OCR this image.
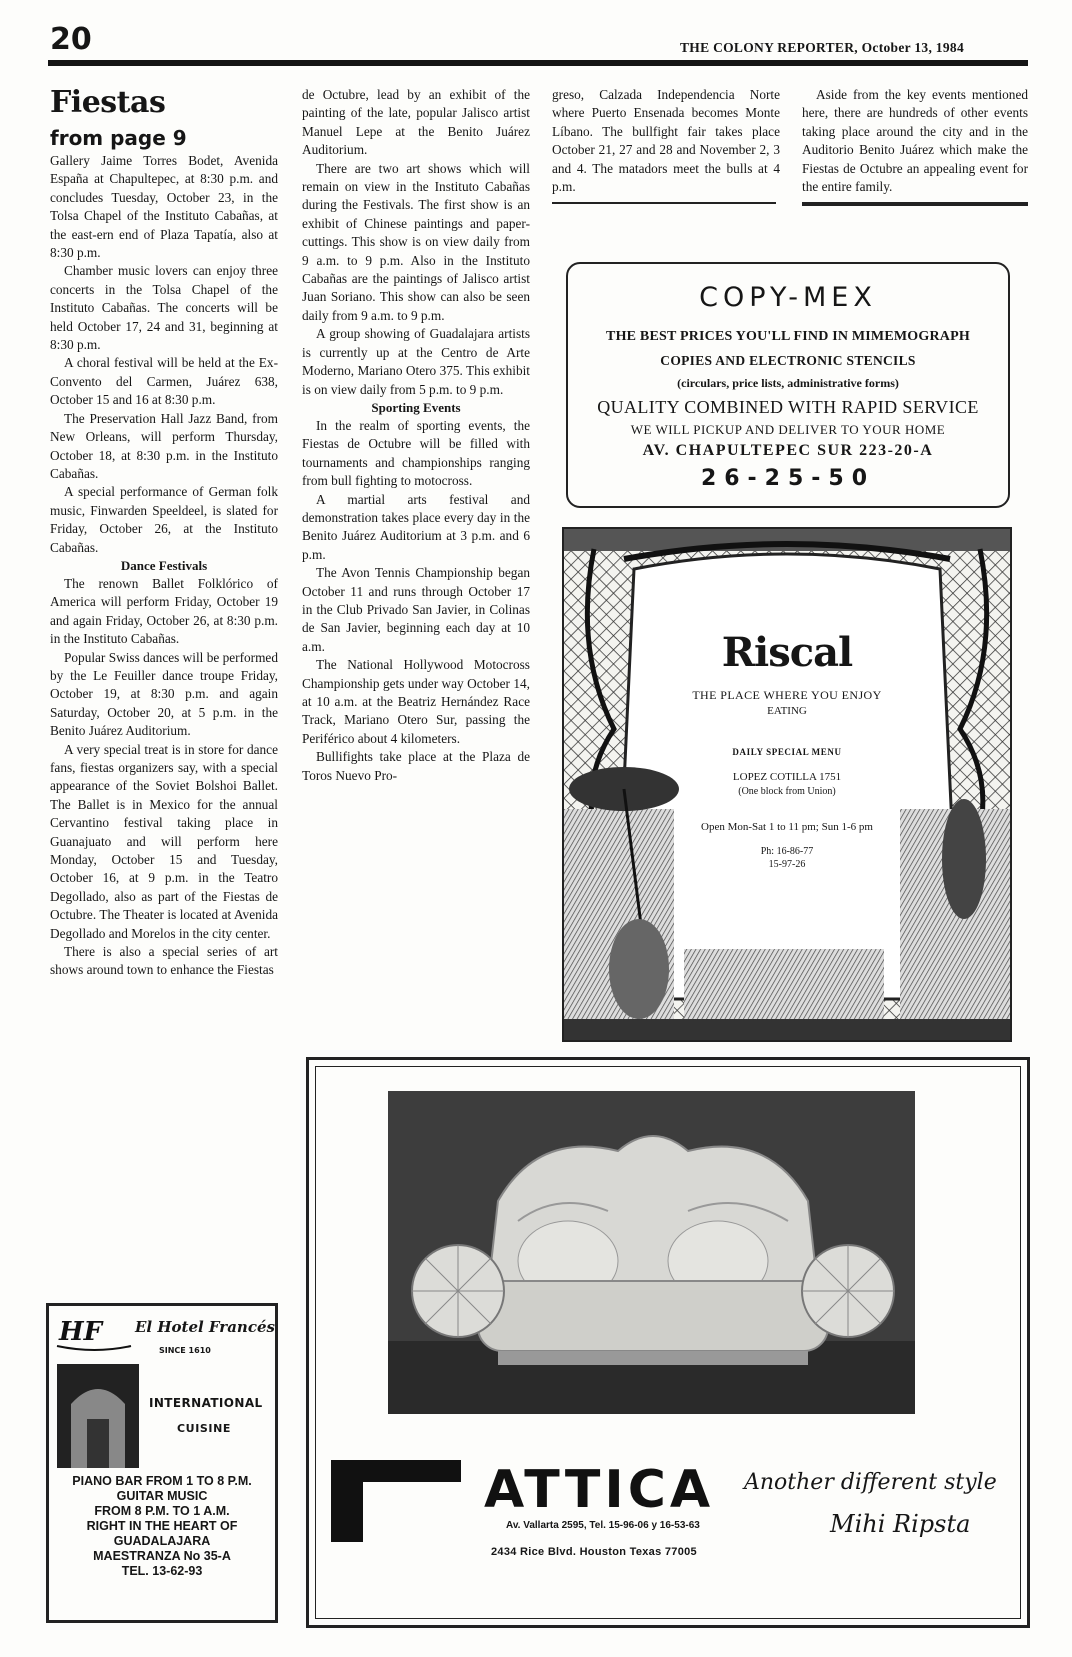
20	THE COLONY REPORTER, October 13, 1984
Fiestas
from page 9

Gallery Jaime Torres Bodet, Avenida España at Chapultepec, at 8:30 p.m. and concludes Tuesday, October 23, in the Tolsa Chapel of the Instituto Cabañas, at the east-ern end of Plaza Tapatía, also at 8:30 p.m.

Chamber music lovers can enjoy three concerts in the Tolsa Chapel of the Instituto Cabañas. The concerts will be held October 17, 24 and 31, beginning at 8:30 p.m.

A choral festival will be held at the Ex-Convento del Carmen, Juárez 638, October 15 and 16 at 8:30 p.m.

The Preservation Hall Jazz Band, from New Orleans, will perform Thursday, October 18, at 8:30 p.m. in the Instituto Cabañas.

A special performance of German folk music, Finwarden Speeldeel, is slated for Friday, October 26, at the Instituto Cabañas.

Dance Festivals

The renown Ballet Folklórico of America will perform Friday, October 19 and again Friday, October 26, at 8:30 p.m. in the Instituto Cabañas.

Popular Swiss dances will be performed by the Le Feuiller dance troupe Friday, October 19, at 8:30 p.m. and again Saturday, October 20, at 5 p.m. in the Benito Juárez Auditorium.

A very special treat is in store for dance fans, fiestas organizers say, with a special appearance of the Soviet Bolshoi Ballet. The Ballet is in Mexico for the annual Cervantino festival taking place in Guanajuato and will perform here Monday, October 15 and Tuesday, October 16, at 9 p.m. in the Teatro Degollado, also as part of the Fiestas de Octubre. The Theater is located at Avenida Degollado and Morelos in the city center.

There is also a special series of art shows around town to enhance the Fiestas

de Octubre, lead by an exhibit of the painting of the late, popular Jalisco artist Manuel Lepe at the Benito Juárez Auditorium.

There are two art shows which will remain on view in the Instituto Cabañas during the Festivals. The first show is an exhibit of Chinese paintings and paper-cuttings. This show is on view daily from 9 a.m. to 9 p.m. Also in the Instituto Cabañas are the paintings of Jalisco artist Juan Soriano. This show can also be seen daily from 9 a.m. to 9 p.m.

A group showing of Guadalajara artists is currently up at the Centro de Arte Moderno, Mariano Otero 375. This exhibit is on view daily from 5 p.m. to 9 p.m.

Sporting Events

In the realm of sporting events, the Fiestas de Octubre will be filled with tournaments and championships ranging from bull fighting to motocross.

A martial arts festival and demonstration takes place every day in the Benito Juárez Auditorium at 3 p.m. and 6 p.m.

The Avon Tennis Championship began October 11 and runs through October 17 in the Club Privado San Javier, in Colinas de San Javier, beginning each day at 10 a.m.

The National Hollywood Motocross Championship gets under way October 14, at 10 a.m. at the Beatriz Hernández Race Track, Mariano Otero Sur, passing the Periférico about 4 kilometers.

Bullifights take place at the Plaza de Toros Nuevo Pro-

greso, Calzada Independencia Norte where Puerto Ensenada becomes Monte Líbano. The bullfight fair takes place October 21, 27 and 28 and November 2, 3 and 4. The matadors meet the bulls at 4 p.m.

Aside from the key events mentioned here, there are hundreds of other events taking place around the city and in the Auditorio Benito Juárez which make the Fiestas de Octubre an appealing event for the entire family.

COPY-MEX
THE BEST PRICES YOU'LL FIND IN MIMEMOGRAPH
COPIES AND ELECTRONIC STENCILS
(circulars, price lists, administrative forms)
QUALITY COMBINED WITH RAPID SERVICE
WE WILL PICKUP AND DELIVER TO YOUR HOME
AV. CHAPULTEPEC SUR 223-20-A
26-25-50
Riscal
THE PLACE WHERE YOU ENJOY
EATING
DAILY SPECIAL MENU
LOPEZ COTILLA 1751
(One block from Union)
Open Mon-Sat 1 to 11 pm; Sun 1-6 pm
Ph: 16-86-77
15-97-26
HF El Hotel Francés
SINCE 1610
INTERNATIONAL
CUISINE
PIANO BAR FROM 1 TO 8 P.M.
GUITAR MUSIC
FROM 8 P.M. TO 1 A.M.
RIGHT IN THE HEART OF
GUADALAJARA
MAESTRANZA No 35-A
TEL. 13-62-93
ATTICA
Av. Vallarta 2595, Tel. 15-96-06 y 16-53-63
2434 Rice Blvd. Houston Texas 77005
Another different style
Mihi Ripsta
